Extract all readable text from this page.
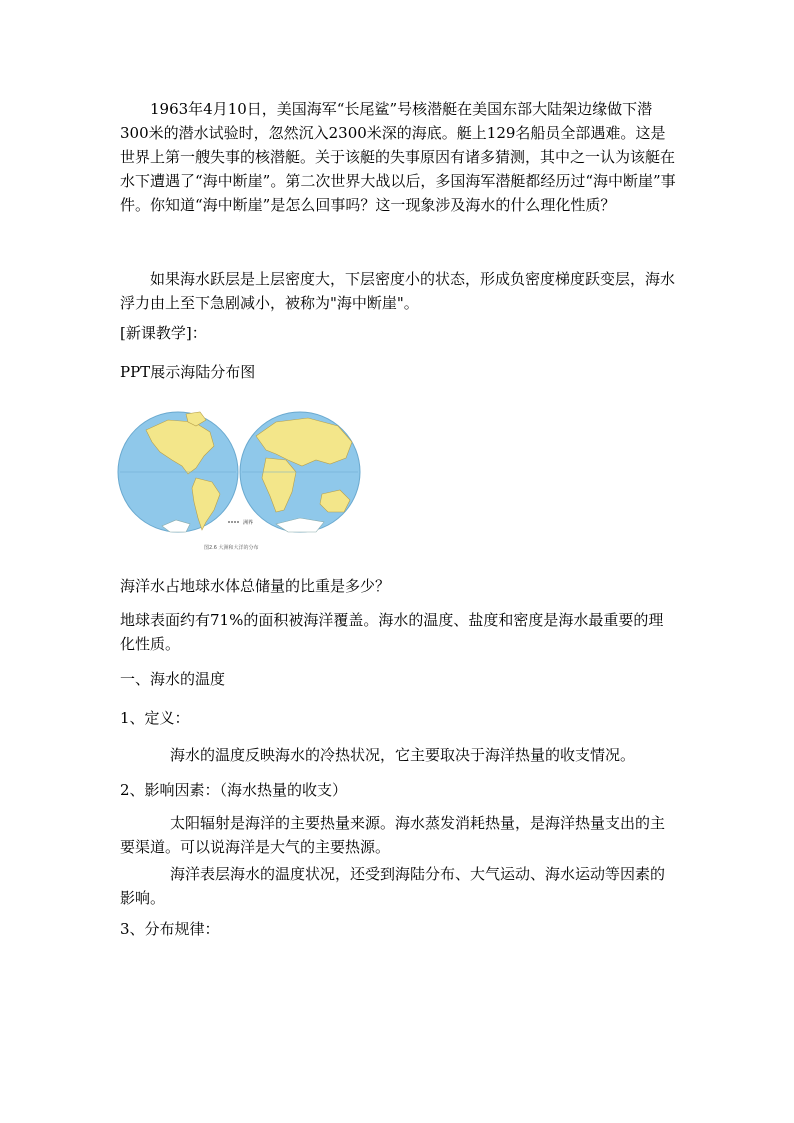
1963年4月10日，美国海军“长尾鲨”号核潜艇在美国东部大陆架边缘做下潜300米的潜水试验时，忽然沉入2300米深的海底。艇上129名船员全部遇难。这是世界上第一艘失事的核潜艇。关于该艇的失事原因有诸多猜测，其中之一认为该艇在水下遭遇了“海中断崖”。第二次世界大战以后，多国海军潜艇都经历过“海中断崖”事件。你知道“海中断崖”是怎么回事吗？这一现象涉及海水的什么理化性质？

如果海水跃层是上层密度大，下层密度小的状态，形成负密度梯度跃变层，海水浮力由上至下急剧减小，被称为"海中断崖"。

[新课教学]：

PPT展示海陆分布图

洲界
图2.6 大洲和大洋的分布

海洋水占地球水体总储量的比重是多少？

地球表面约有71%的面积被海洋覆盖。海水的温度、盐度和密度是海水最重要的理化性质。

一、海水的温度

1、定义：

海水的温度反映海水的冷热状况，它主要取决于海洋热量的收支情况。

2、影响因素：（海水热量的收支）

太阳辐射是海洋的主要热量来源。海水蒸发消耗热量，是海洋热量支出的主要渠道。可以说海洋是大气的主要热源。

海洋表层海水的温度状况，还受到海陆分布、大气运动、海水运动等因素的影响。

3、分布规律：
